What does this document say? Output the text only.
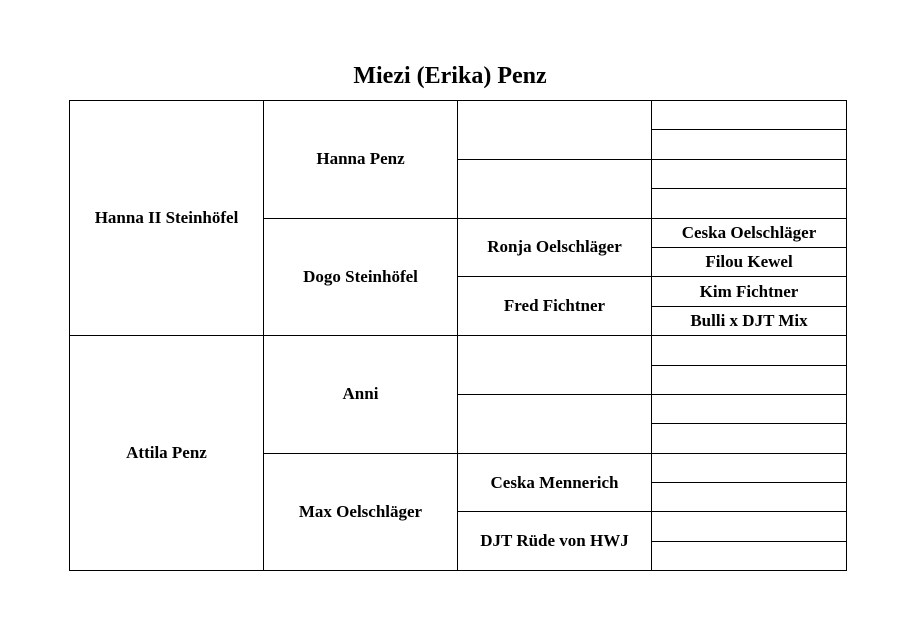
Miezi (Erika) Penz
Hanna II Steinhöfel	Hanna Penz		

	Dogo Steinhöfel	Ronja Oelschläger	Ceska Oelschläger
			Filou Kewel
		Fred Fichtner	Kim Fichtner
			Bulli x DJT Mix
Attila Penz	Anni		

	Max Oelschläger	Ceska Mennerich	

		DJT Rüde von HWJ	
